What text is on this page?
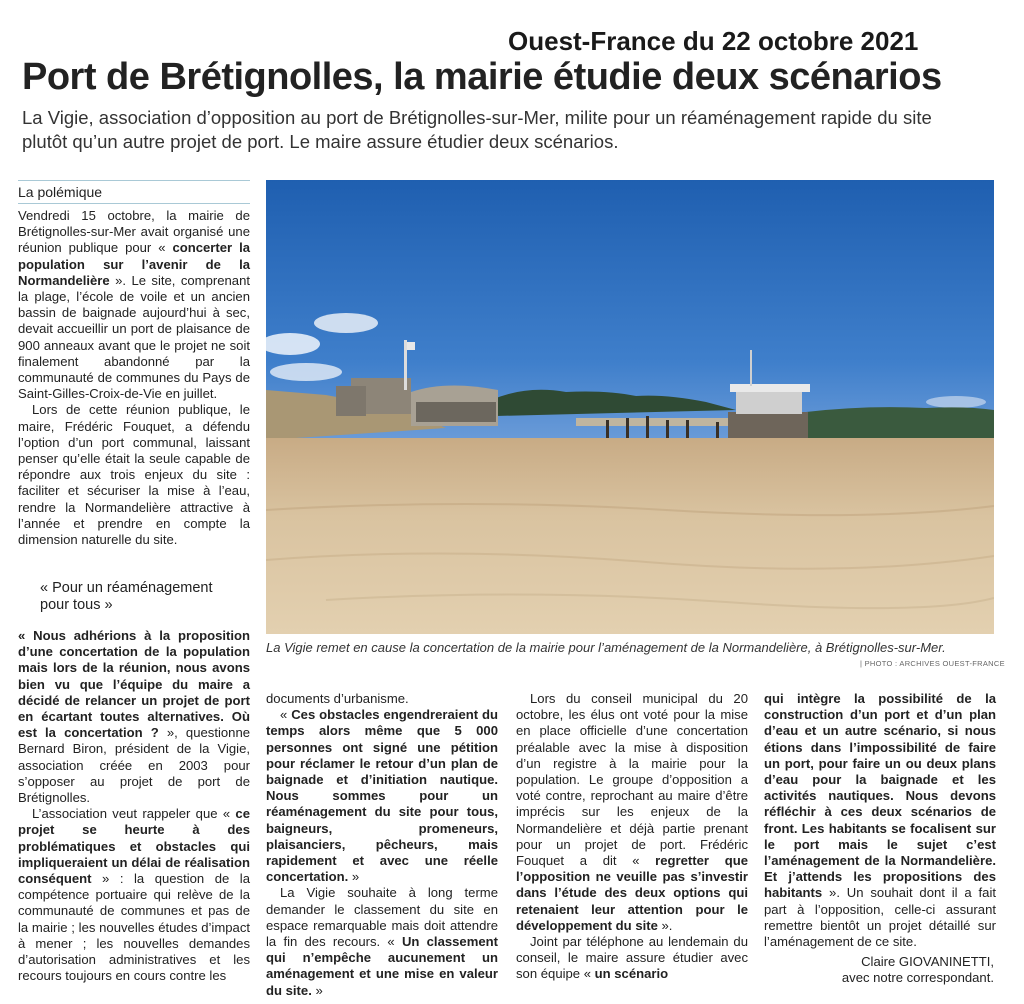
Ouest-France du 22 octobre 2021
Port de Brétignolles, la mairie étudie deux scénarios
La Vigie, association d’opposition au port de Brétignolles-sur-Mer, milite pour un réaménagement rapide du site plutôt qu’un autre projet de port. Le maire assure étudier deux scénarios.
La polémique

Vendredi 15 octobre, la mairie de Brétignolles-sur-Mer avait organisé une réunion publique pour « concerter la population sur l’avenir de la Normandelière ». Le site, comprenant la plage, l’école de voile et un ancien bassin de baignade aujourd’hui à sec, devait accueillir un port de plaisance de 900 anneaux avant que le projet ne soit finalement abandonné par la communauté de communes du Pays de Saint-Gilles-Croix-de-Vie en juillet.

Lors de cette réunion publique, le maire, Frédéric Fouquet, a défendu l’option d’un port communal, laissant penser qu’elle était la seule capable de répondre aux trois enjeux du site : faciliter et sécuriser la mise à l’eau, rendre la Normandelière attractive à l’année et prendre en compte la dimension naturelle du site.

« Pour un réaménagement pour tous »

« Nous adhérions à la proposition d’une concertation de la population mais lors de la réunion, nous avons bien vu que l’équipe du maire a décidé de relancer un projet de port en écartant toutes alternatives. Où est la concertation ? », questionne Bernard Biron, président de la Vigie, association créée en 2003 pour s’opposer au projet de port de Brétignolles.

L’association veut rappeler que « ce projet se heurte à des problématiques et obstacles qui impliqueraient un délai de réalisation conséquent » : la question de la compétence portuaire qui relève de la communauté de communes et pas de la mairie ; les nouvelles études d’impact à mener ; les nouvelles demandes d’autorisation administratives et les recours toujours en cours contre les

La Vigie remet en cause la concertation de la mairie pour l’aménagement de la Normandelière, à Brétignolles-sur-Mer.
| PHOTO : ARCHIVES OUEST-FRANCE

documents d’urbanisme.

« Ces obstacles engendreraient du temps alors même que 5 000 personnes ont signé une pétition pour réclamer le retour d’un plan de baignade et d’initiation nautique. Nous sommes pour un réaménagement du site pour tous, baigneurs, promeneurs, plaisanciers, pêcheurs, mais rapidement et avec une réelle concertation. »

La Vigie souhaite à long terme demander le classement du site en espace remarquable mais doit attendre la fin des recours. « Un classement qui n’empêche aucunement un aménagement et une mise en valeur du site. »

Lors du conseil municipal du 20 octobre, les élus ont voté pour la mise en place officielle d’une concertation préalable avec la mise à disposition d’un registre à la mairie pour la population. Le groupe d’opposition a voté contre, reprochant au maire d’être imprécis sur les enjeux de la Normandelière et déjà partie prenant pour un projet de port. Frédéric Fouquet a dit « regretter que l’opposition ne veuille pas s’investir dans l’étude des deux options qui retenaient leur attention pour le développement du site ».

Joint par téléphone au lendemain du conseil, le maire assure étudier avec son équipe « un scénario

qui intègre la possibilité de la construction d’un port et d’un plan d’eau et un autre scénario, si nous étions dans l’impossibilité de faire un port, pour faire un ou deux plans d’eau pour la baignade et les activités nautiques. Nous devons réfléchir à ces deux scénarios de front. Les habitants se focalisent sur le port mais le sujet c’est l’aménagement de la Normandelière. Et j’attends les propositions des habitants ». Un souhait dont il a fait part à l’opposition, celle-ci assurant remettre bientôt un projet détaillé sur l’aménagement de ce site.

Claire GIOVANINETTI,
avec notre correspondant.
